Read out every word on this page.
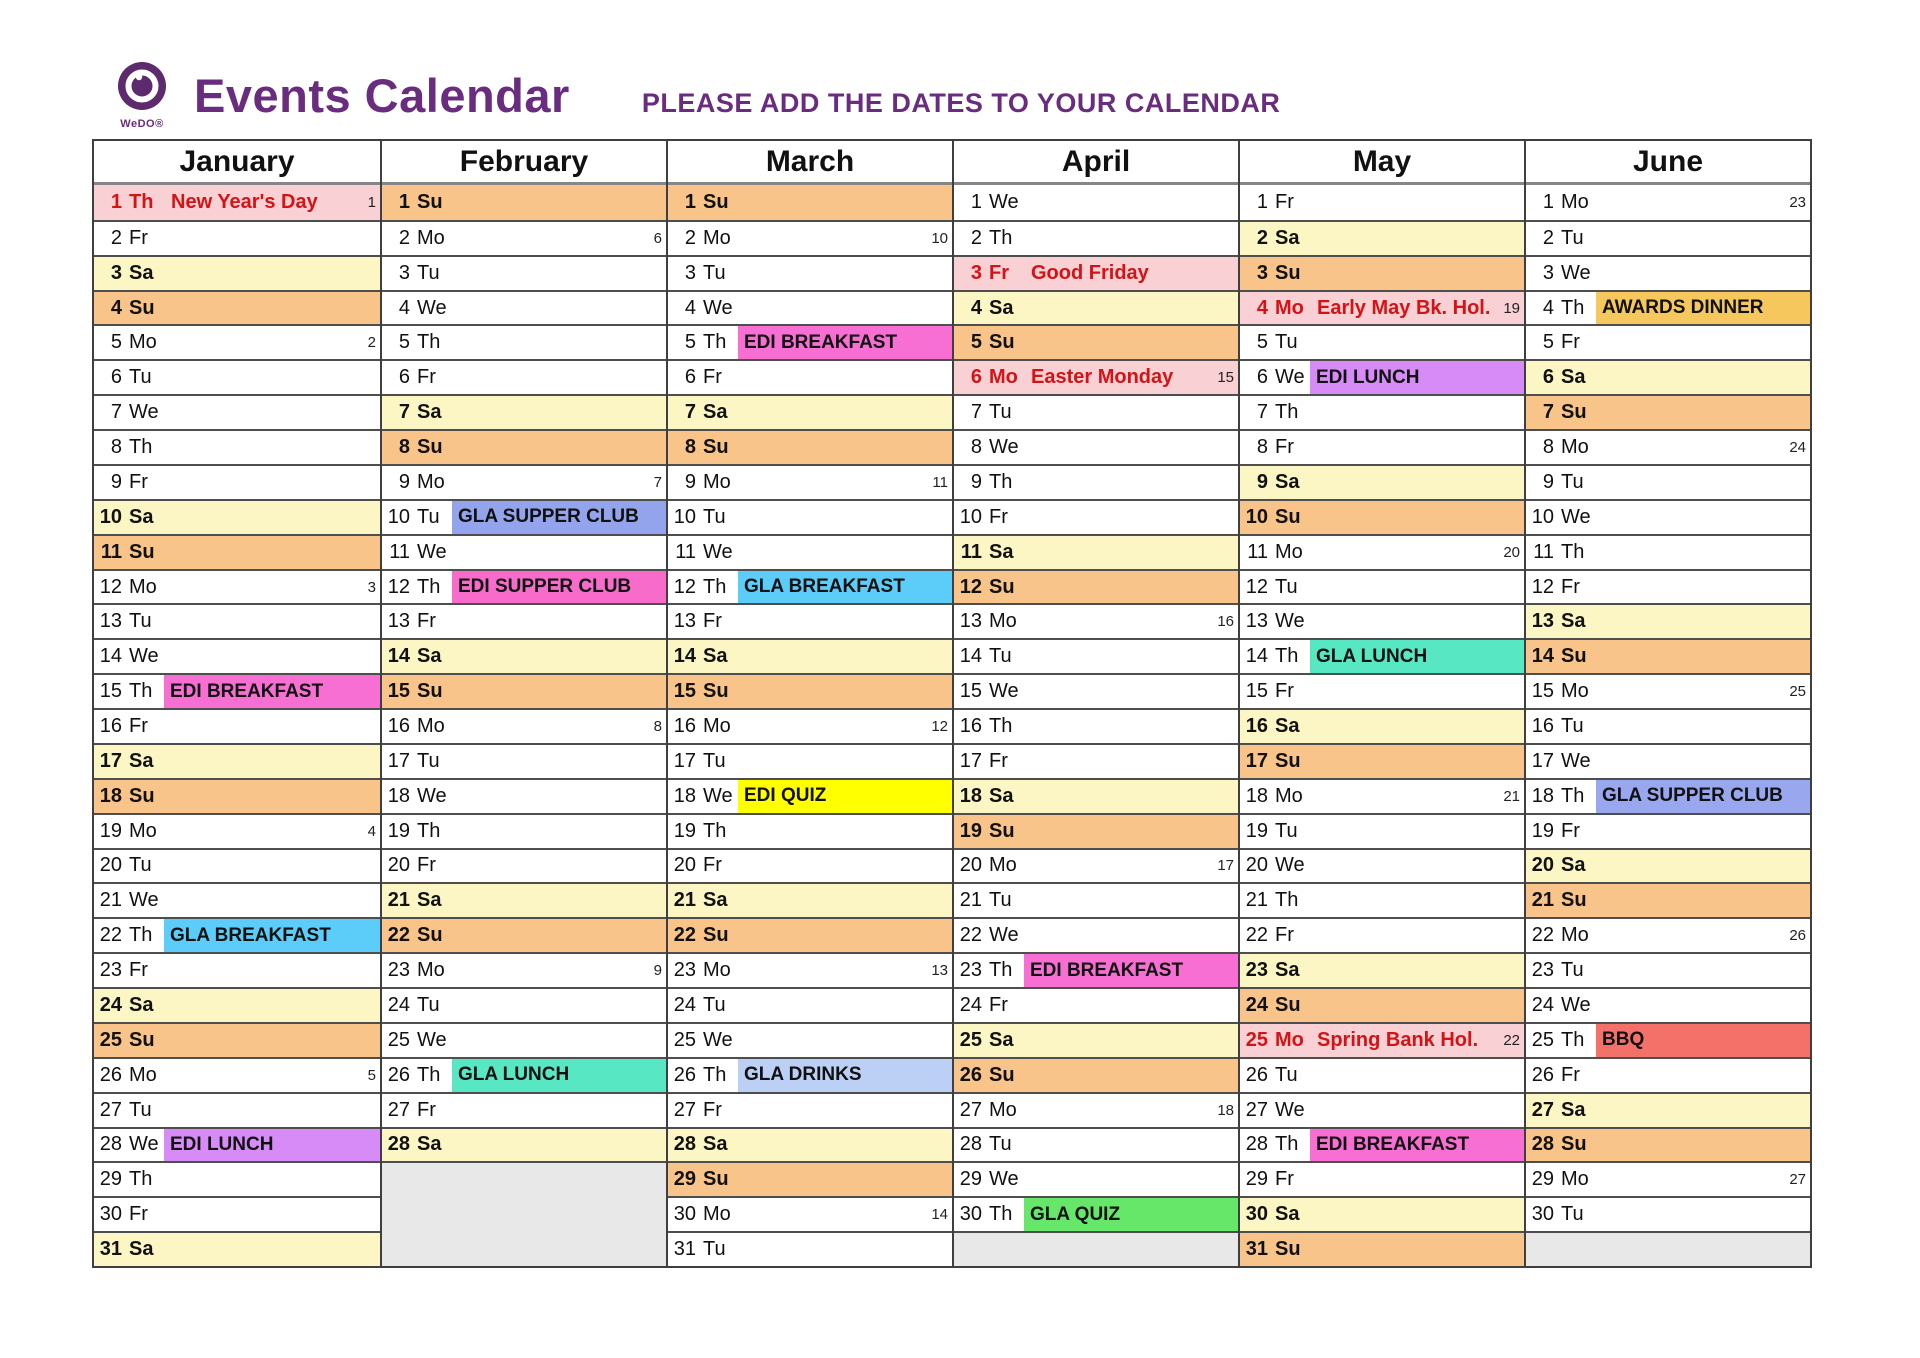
WeDO®
Events Calendar	PLEASE ADD THE DATES TO YOUR CALENDAR
January
1 Th New Year's Day	1
2 Fr
3 Sa
4 Su
5 Mo	2
6 Tu
7 We
8 Th
9 Fr
10 Sa
11 Su
12 Mo	3
13 Tu
14 We
15 Th EDI BREAKFAST
16 Fr
17 Sa
18 Su
19 Mo	4
20 Tu
21 We
22 Th GLA BREAKFAST
23 Fr
24 Sa
25 Su
26 Mo	5
27 Tu
28 We EDI LUNCH
29 Th
30 Fr
31 Sa
February
1 Su
2 Mo	6
3 Tu
4 We
5 Th
6 Fr
7 Sa
8 Su
9 Mo	7
10 Tu GLA SUPPER CLUB
11 We
12 Th EDI SUPPER CLUB
13 Fr
14 Sa
15 Su
16 Mo	8
17 Tu
18 We
19 Th
20 Fr
21 Sa
22 Su
23 Mo	9
24 Tu
25 We
26 Th GLA LUNCH
27 Fr
28 Sa
March
1 Su
2 Mo	10
3 Tu
4 We
5 Th EDI BREAKFAST
6 Fr
7 Sa
8 Su
9 Mo	11
10 Tu
11 We
12 Th GLA BREAKFAST
13 Fr
14 Sa
15 Su
16 Mo	12
17 Tu
18 We EDI QUIZ
19 Th
20 Fr
21 Sa
22 Su
23 Mo	13
24 Tu
25 We
26 Th GLA DRINKS
27 Fr
28 Sa
29 Su
30 Mo	14
31 Tu
April
1 We
2 Th
3 Fr	Good Friday
4 Sa
5 Su
6 Mo Easter Monday	15
7 Tu
8 We
9 Th
10 Fr
11 Sa
12 Su
13 Mo	16
14 Tu
15 We
16 Th
17 Fr
18 Sa
19 Su
20 Mo	17
21 Tu
22 We
23 Th EDI BREAKFAST
24 Fr
25 Sa
26 Su
27 Mo	18
28 Tu
29 We
30 Th GLA QUIZ
May
1 Fr
2 Sa
3 Su
4 Mo Early May Bk. Hol. 19
5 Tu
6 We EDI LUNCH
7 Th
8 Fr
9 Sa
10 Su
11 Mo	20
12 Tu
13 We
14 Th GLA LUNCH
15 Fr
16 Sa
17 Su
18 Mo	21
19 Tu
20 We
21 Th
22 Fr
23 Sa
24 Su
25 Mo Spring Bank Hol.	22
26 Tu
27 We
28 Th EDI BREAKFAST
29 Fr
30 Sa
31 Su
June
1 Mo	23
2 Tu
3 We
4 Th AWARDS DINNER
5 Fr
6 Sa
7 Su
8 Mo	24
9 Tu
10 We
11 Th
12 Fr
13 Sa
14 Su
15 Mo	25
16 Tu
17 We
18 Th GLA SUPPER CLUB
19 Fr
20 Sa
21 Su
22 Mo	26
23 Tu
24 We
25 Th BBQ
26 Fr
27 Sa
28 Su
29 Mo	27
30 Tu
